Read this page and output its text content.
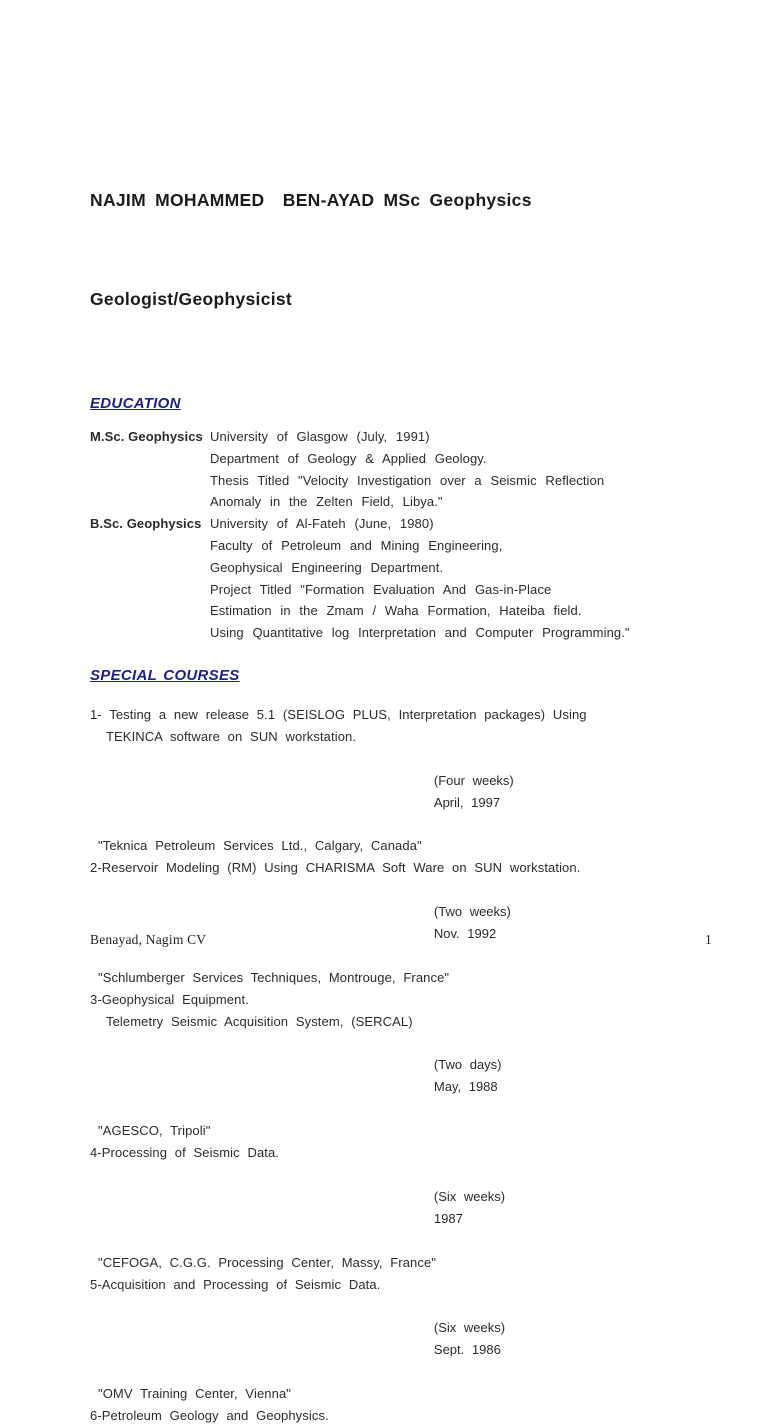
NAJIM MOHAMMED  BEN-AYAD MSc Geophysics

Geologist/Geophysicist

EDUCATION
M.Sc. Geophysics University of Glasgow (July, 1991)
Department of Geology & Applied Geology.
Thesis Titled "Velocity Investigation over a Seismic Reflection
Anomaly in the Zelten Field, Libya."
B.Sc. Geophysics University of Al-Fateh (June, 1980)
Faculty of Petroleum and Mining Engineering,
Geophysical Engineering Department.
Project Titled "Formation Evaluation And Gas-in-Place
Estimation in the Zmam / Waha Formation, Hateiba field.
Using Quantitative log Interpretation and Computer Programming."
SPECIAL COURSES
1- Testing a new release 5.1 (SEISLOG PLUS, Interpretation packages) Using
TEKINCA software on SUN workstation.

(Four weeks)
April, 1997

"Teknica Petroleum Services Ltd., Calgary, Canada"
2-Reservoir Modeling (RM) Using CHARISMA Soft Ware on SUN workstation.

(Two weeks)
Nov. 1992

"Schlumberger Services Techniques, Montrouge, France"
3-Geophysical Equipment.
Telemetry Seismic Acquisition System, (SERCAL)

(Two days)
May, 1988

"AGESCO, Tripoli"
4-Processing of Seismic Data.

(Six weeks)
1987

"CEFOGA, C.G.G. Processing Center, Massy, France"
5-Acquisition and Processing of Seismic Data.

(Six weeks)
Sept. 1986

"OMV Training Center, Vienna"
6-Petroleum Geology and Geophysics.
Benayad, Nagim CV	1
